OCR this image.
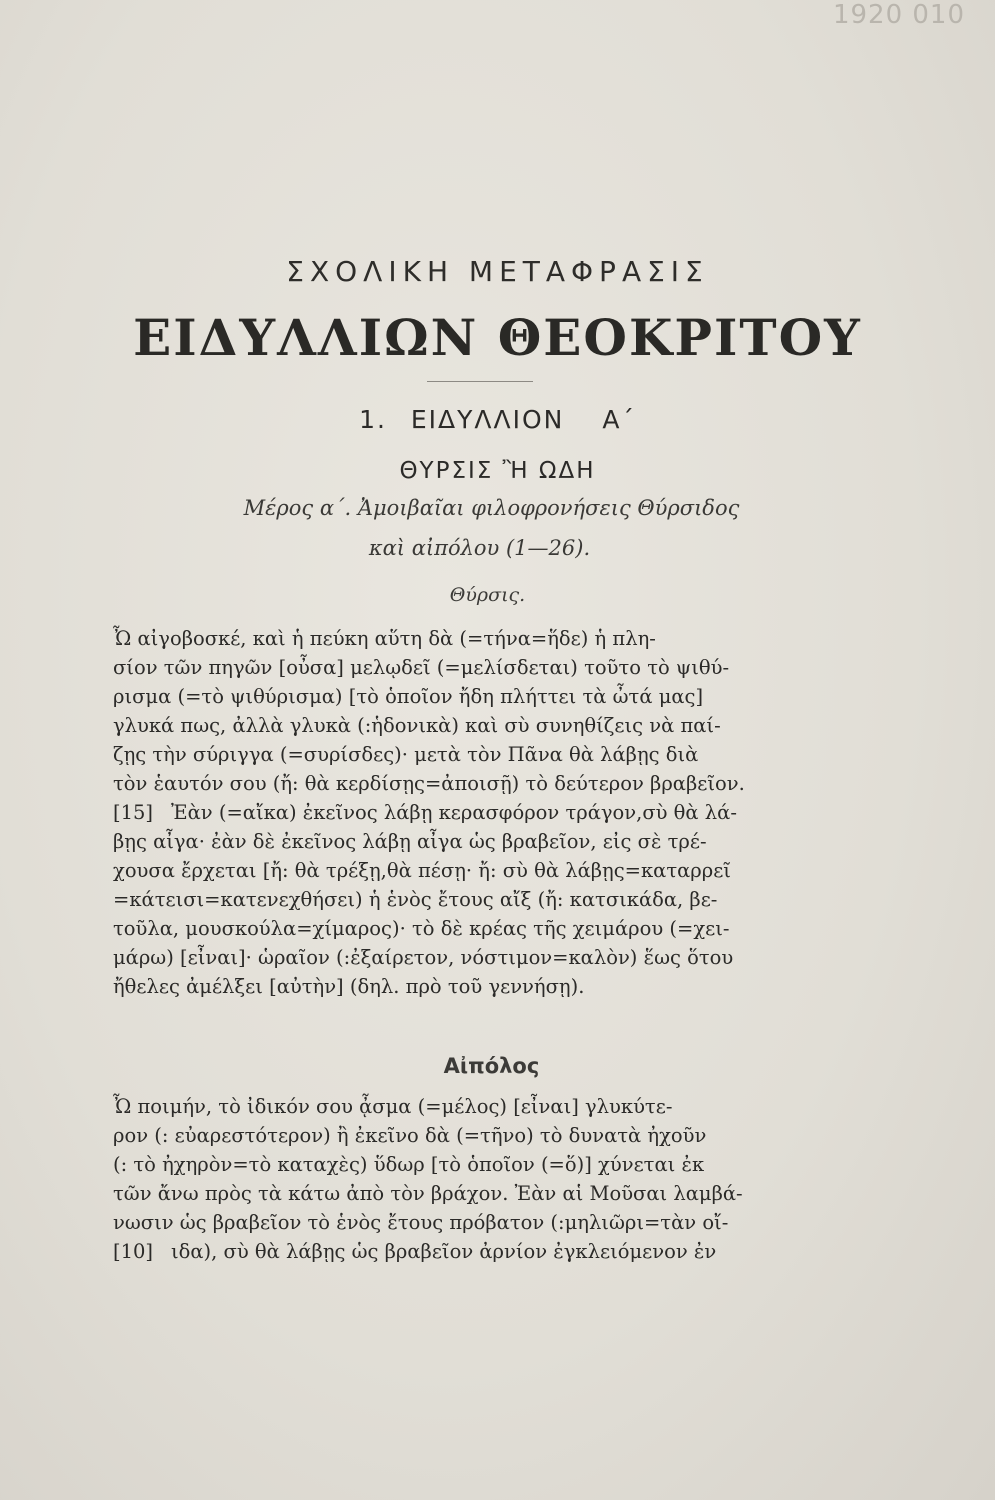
1920 010
ΣΧΟΛΙΚΗ ΜΕΤΑΦΡΑΣΙΣ
ΕΙΔΥΛΛΙΩΝ ΘΕΟΚΡΙΤΟΥ
1. ΕΙΔΥΛΛΙΟΝ Α΄
ΘΥΡΣΙΣ Ἢ ΩΔΗ
Μέρος α΄. Ἀμοιβαῖαι φιλοφρονήσεις Θύρσιδος
καὶ αἰπόλου (1—26).
Θύρσις.
Ὦ αἰγοβοσκέ, καὶ ἡ πεύκη αὕτη δὰ (=τήνα=ἥδε) ἡ πλη-
σίον τῶν πηγῶν [οὖσα] μελῳδεῖ (=μελίσδεται) τοῦτο τὸ ψιθύ-
ρισμα (=τὸ ψιθύρισμα) [τὸ ὁποῖον ἤδη πλήττει τὰ ὦτά μας]
γλυκά πως, ἀλλὰ γλυκὰ (:ἡδονικὰ) καὶ σὺ συνηθίζεις νὰ παί-
ζῃς τὴν σύριγγα (=συρίσδες)· μετὰ τὸν Πᾶνα θὰ λάβῃς διὰ
τὸν ἑαυτόν σου (ἤ: θὰ κερδίσῃς=ἀποισῇ) τὸ δεύτερον βραβεῖον.
[15] Ἐὰν (=αἴκα) ἐκεῖνος λάβῃ κερασφόρον τράγον,σὺ θὰ λά-
βῃς αἶγα· ἐὰν δὲ ἐκεῖνος λάβῃ αἶγα ὡς βραβεῖον, εἰς σὲ τρέ-
χουσα ἔρχεται [ἤ: θὰ τρέξῃ,θὰ πέσῃ· ἤ: σὺ θὰ λάβῃς=καταρρεῖ
=κάτεισι=κατενεχθήσει) ἡ ἑνὸς ἔτους αἴξ (ἤ: κατσικάδα, βε-
τοῦλα, μουσκούλα=χίμαρος)· τὸ δὲ κρέας τῆς χειμάρου (=χει-
μάρω) [εἶναι]· ὡραῖον (:ἐξαίρετον, νόστιμον=καλὸν) ἕως ὅτου
ἤθελες ἀμέλξει [αὐτὴν] (δηλ. πρὸ τοῦ γεννήσῃ).
Αἰπόλος
Ὦ ποιμήν, τὸ ἰδικόν σου ᾆσμα (=μέλος) [εἶναι] γλυκύτε-
ρον (: εὐαρεστότερον) ἢ ἐκεῖνο δὰ (=τῆνο) τὸ δυνατὰ ἠχοῦν
(: τὸ ἠχηρὸν=τὸ καταχὲς) ὕδωρ [τὸ ὁποῖον (=ὅ)] χύνεται ἐκ
τῶν ἄνω πρὸς τὰ κάτω ἀπὸ τὸν βράχον. Ἐὰν αἱ Μοῦσαι λαμβά-
νωσιν ὡς βραβεῖον τὸ ἑνὸς ἔτους πρόβατον (:μηλιῶρι=τὰν οἴ-
[10] ιδα), σὺ θὰ λάβῃς ὡς βραβεῖον ἀρνίον ἐγκλειόμενον ἐν
